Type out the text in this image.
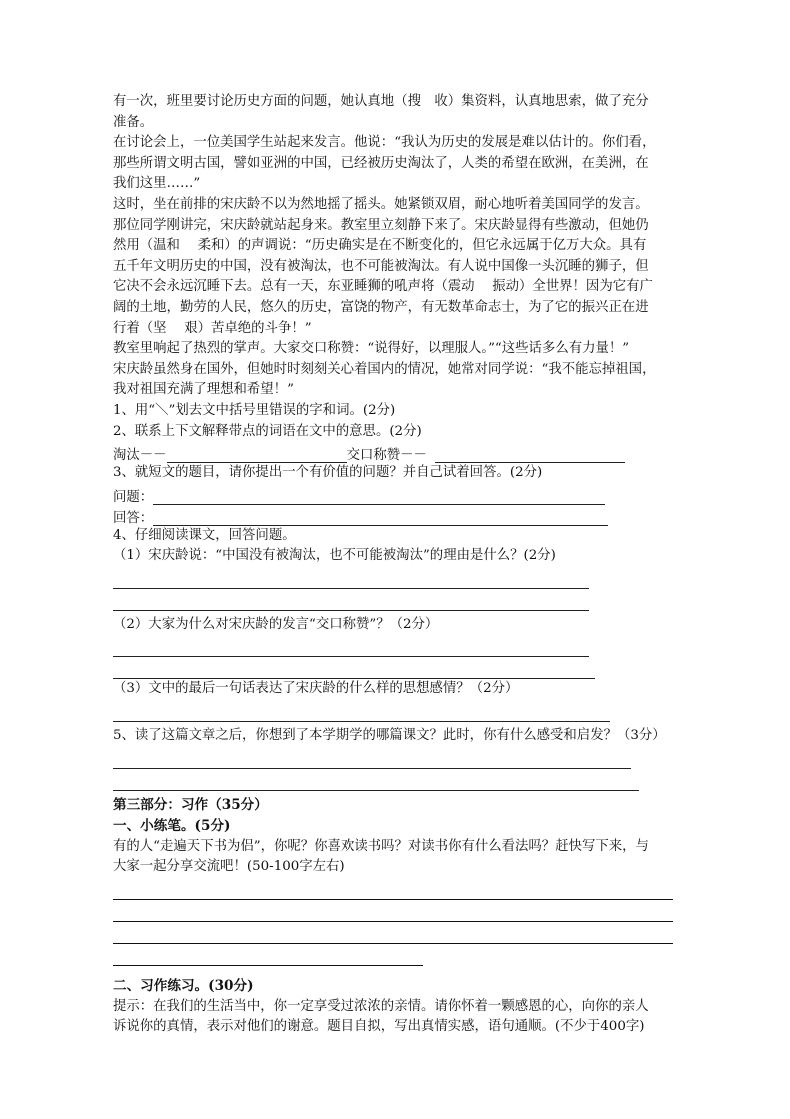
有一次，班里要讨论历史方面的问题，她认真地（搜　收）集资料，认真地思索，做了充分

准备。

在讨论会上，一位美国学生站起来发言。他说：“我认为历史的发展是难以估计的。你们看，

那些所谓文明古国，譬如亚洲的中国，已经被历史淘汰了，人类的希望在欧洲，在美洲，在

我们这里……”

这时，坐在前排的宋庆龄不以为然地摇了摇头。她紧锁双眉，耐心地听着美国同学的发言。

那位同学刚讲完，宋庆龄就站起身来。教室里立刻静下来了。宋庆龄显得有些激动，但她仍

然用（温和　 柔和）的声调说：“历史确实是在不断变化的，但它永远属于亿万大众。具有

五千年文明历史的中国，没有被淘汰，也不可能被淘汰。有人说中国像一头沉睡的狮子，但

它决不会永远沉睡下去。总有一天，东亚睡狮的吼声将（震动　 振动）全世界！因为它有广

阔的土地，勤劳的人民，悠久的历史，富饶的物产，有无数革命志士，为了它的振兴正在进

行着（坚　 艰）苦卓绝的斗争！”

教室里响起了热烈的掌声。大家交口称赞：“说得好，以理服人。”“这些话多么有力量！”

宋庆龄虽然身在国外，但她时时刻刻关心着国内的情况，她常对同学说：“我不能忘掉祖国，

我对祖国充满了理想和希望！”

1、用“＼”划去文中括号里错误的字和词。(2分)

2、联系上下文解释带点的词语在文中的意思。(2分)

淘汰－－	交口称赞－－

3、就短文的题目，请你提出一个有价值的问题？并自己试着回答。(2分)

问题：
回答：

4、仔细阅读课文，回答问题。

（1）宋庆龄说：“中国没有被淘汰，也不可能被淘汰”的理由是什么？(2分)

（2）大家为什么对宋庆龄的发言“交口称赞”？（2分）

（3）文中的最后一句话表达了宋庆龄的什么样的思想感情？（2分）

5、读了这篇文章之后，你想到了本学期学的哪篇课文？此时，你有什么感受和启发？（3分）

第三部分：习作（35分）

一、小练笔。(5分)

有的人“走遍天下书为侣”，你呢？你喜欢读书吗？对读书你有什么看法吗？赶快写下来，与

大家一起分享交流吧！(50-100字左右)

二、习作练习。(30分)

提示：在我们的生活当中，你一定享受过浓浓的亲情。请你怀着一颗感恩的心，向你的亲人

诉说你的真情，表示对他们的谢意。题目自拟，写出真情实感，语句通顺。(不少于400字)
